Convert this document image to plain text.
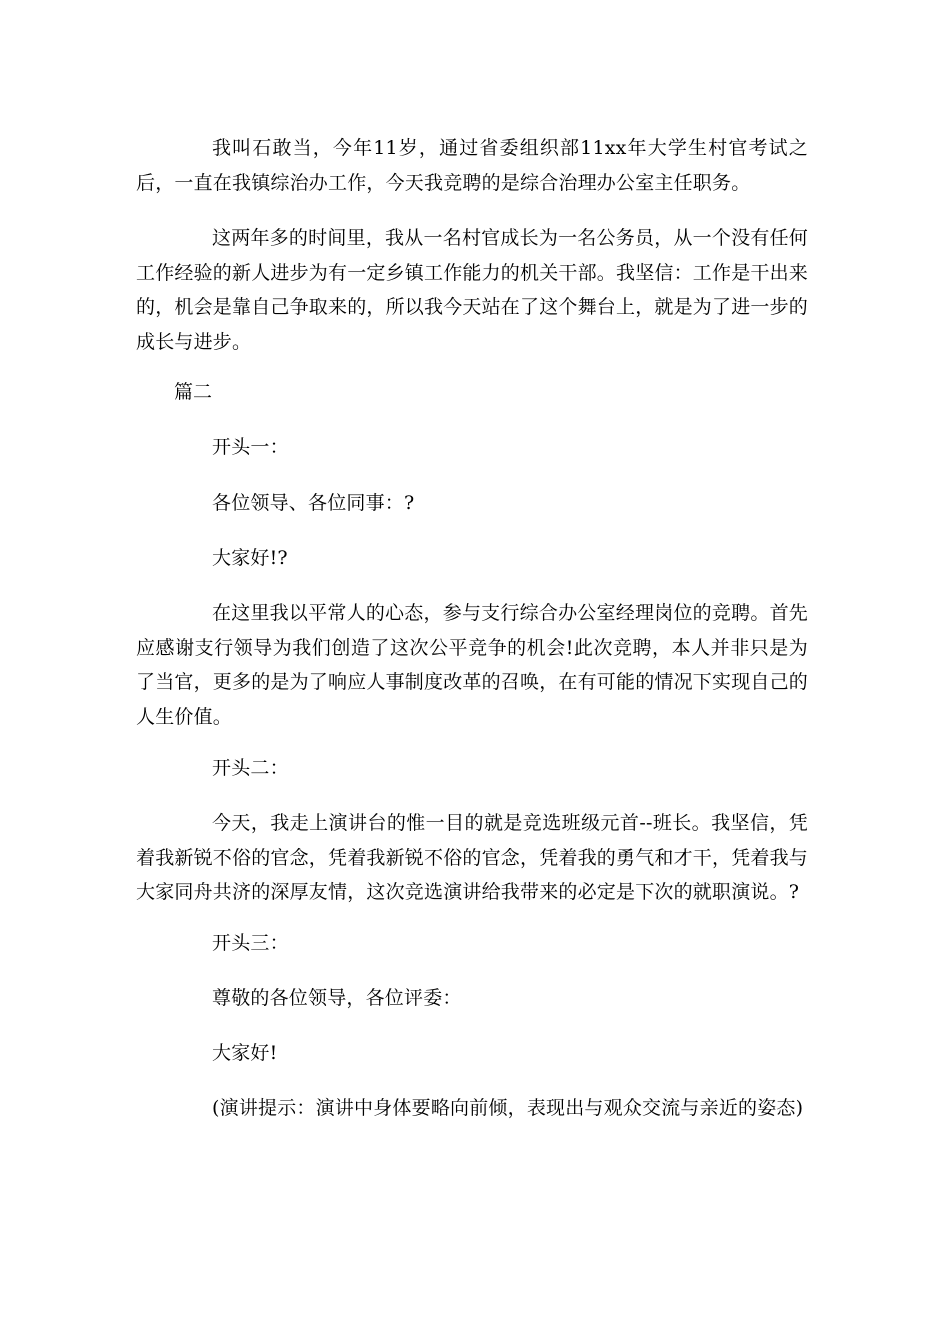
我叫石敢当，今年11岁，通过省委组织部11xx年大学生村官考试之后，一直在我镇综治办工作，今天我竞聘的是综合治理办公室主任职务。

这两年多的时间里，我从一名村官成长为一名公务员，从一个没有任何工作经验的新人进步为有一定乡镇工作能力的机关干部。我坚信：工作是干出来的，机会是靠自己争取来的，所以我今天站在了这个舞台上，就是为了进一步的成长与进步。

篇二

开头一：

各位领导、各位同事：?

大家好!?

在这里我以平常人的心态，参与支行综合办公室经理岗位的竞聘。首先应感谢支行领导为我们创造了这次公平竞争的机会!此次竞聘，本人并非只是为了当官，更多的是为了响应人事制度改革的召唤，在有可能的情况下实现自己的人生价值。

开头二：

今天，我走上演讲台的惟一目的就是竞选班级元首--班长。我坚信，凭着我新锐不俗的官念，凭着我新锐不俗的官念，凭着我的勇气和才干，凭着我与大家同舟共济的深厚友情，这次竞选演讲给我带来的必定是下次的就职演说。?

开头三：

尊敬的各位领导，各位评委：

大家好!

(演讲提示：演讲中身体要略向前倾，表现出与观众交流与亲近的姿态)
